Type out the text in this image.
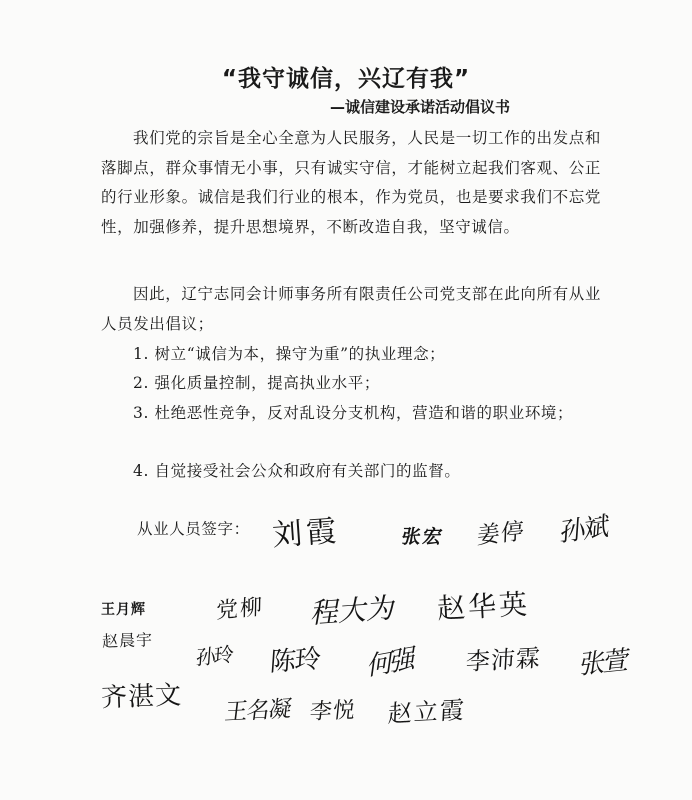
“我守诚信，兴辽有我”
—诚信建设承诺活动倡议书
我们党的宗旨是全心全意为人民服务，人民是一切工作的出发点和落脚点，群众事情无小事，只有诚实守信，才能树立起我们客观、公正的行业形象。诚信是我们行业的根本，作为党员，也是要求我们不忘党性，加强修养，提升思想境界，不断改造自我，坚守诚信。
因此，辽宁志同会计师事务所有限责任公司党支部在此向所有从业人员发出倡议；
1. 树立“诚信为本，操守为重”的执业理念；
2. 强化质量控制，提高执业水平；
3. 杜绝恶性竞争，反对乱设分支机构，营造和谐的职业环境；
4. 自觉接受社会公众和政府有关部门的监督。
从业人员签字： 刘霞	张宏 姜停 孙斌
王月辉	党柳 程大为 赵华英
赵晨宇
孙玲 陈玲 何强 李沛霖 张萱
齐湛文 王名凝 李悦 赵立霞
